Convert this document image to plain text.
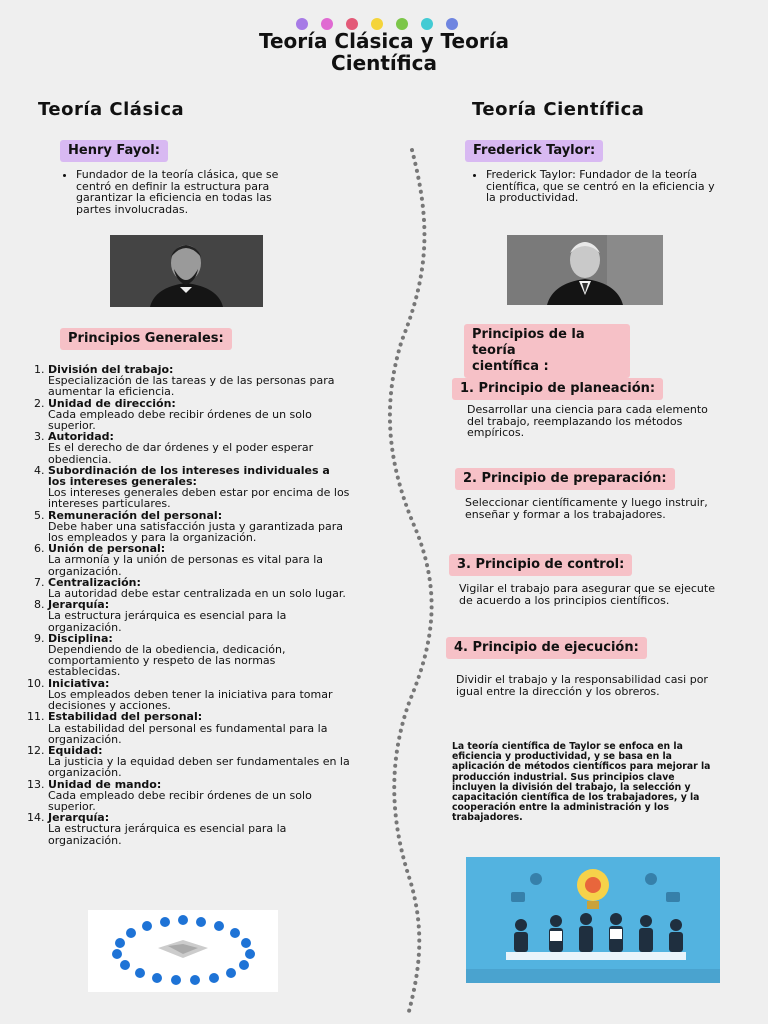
Teoría Clásica y Teoría
Científica
Teoría Clásica
Henry Fayol:
• Fundador de la teoría clásica, que se centró en definir la estructura para garantizar la eficiencia en todas las partes involucradas.
Principios Generales:
1. División del trabajo:
Especialización de las tareas y de las personas para aumentar la eficiencia.
2. Unidad de dirección:
Cada empleado debe recibir órdenes de un solo superior.
3. Autoridad:
Es el derecho de dar órdenes y el poder esperar obediencia.
4. Subordinación de los intereses individuales a los intereses generales:
Los intereses generales deben estar por encima de los intereses particulares.
5. Remuneración del personal:
Debe haber una satisfacción justa y garantizada para los empleados y para la organización.
6. Unión de personal:
La armonía y la unión de personas es vital para la organización.
7. Centralización:
La autoridad debe estar centralizada en un solo lugar.
8. Jerarquía:
La estructura jerárquica es esencial para la organización.
9. Disciplina:
Dependiendo de la obediencia, dedicación, comportamiento y respeto de las normas establecidas.
10. Iniciativa:
Los empleados deben tener la iniciativa para tomar decisiones y acciones.
11. Estabilidad del personal:
La estabilidad del personal es fundamental para la organización.
12. Equidad:
La justicia y la equidad deben ser fundamentales en la organización.
13. Unidad de mando:
Cada empleado debe recibir órdenes de un solo superior.
14. Jerarquía:
La estructura jerárquica es esencial para la organización.
Teoría Científica
Frederick Taylor:
• Frederick Taylor: Fundador de la teoría científica, que se centró en la eficiencia y la productividad.
Principios de la teoría
científica :
1. Principio de planeación:
Desarrollar una ciencia para cada elemento del trabajo, reemplazando los métodos empíricos.
2. Principio de preparación:
Seleccionar científicamente y luego instruir, enseñar y formar a los trabajadores.
3. Principio de control:
Vigilar el trabajo para asegurar que se ejecute de acuerdo a los principios científicos.
4. Principio de ejecución:
Dividir el trabajo y la responsabilidad casi por igual entre la dirección y los obreros.
La teoría científica de Taylor se enfoca en la eficiencia y productividad, y se basa en la aplicación de métodos científicos para mejorar la producción industrial. Sus principios clave incluyen la división del trabajo, la selección y capacitación científica de los trabajadores, y la cooperación entre la administración y los trabajadores.
